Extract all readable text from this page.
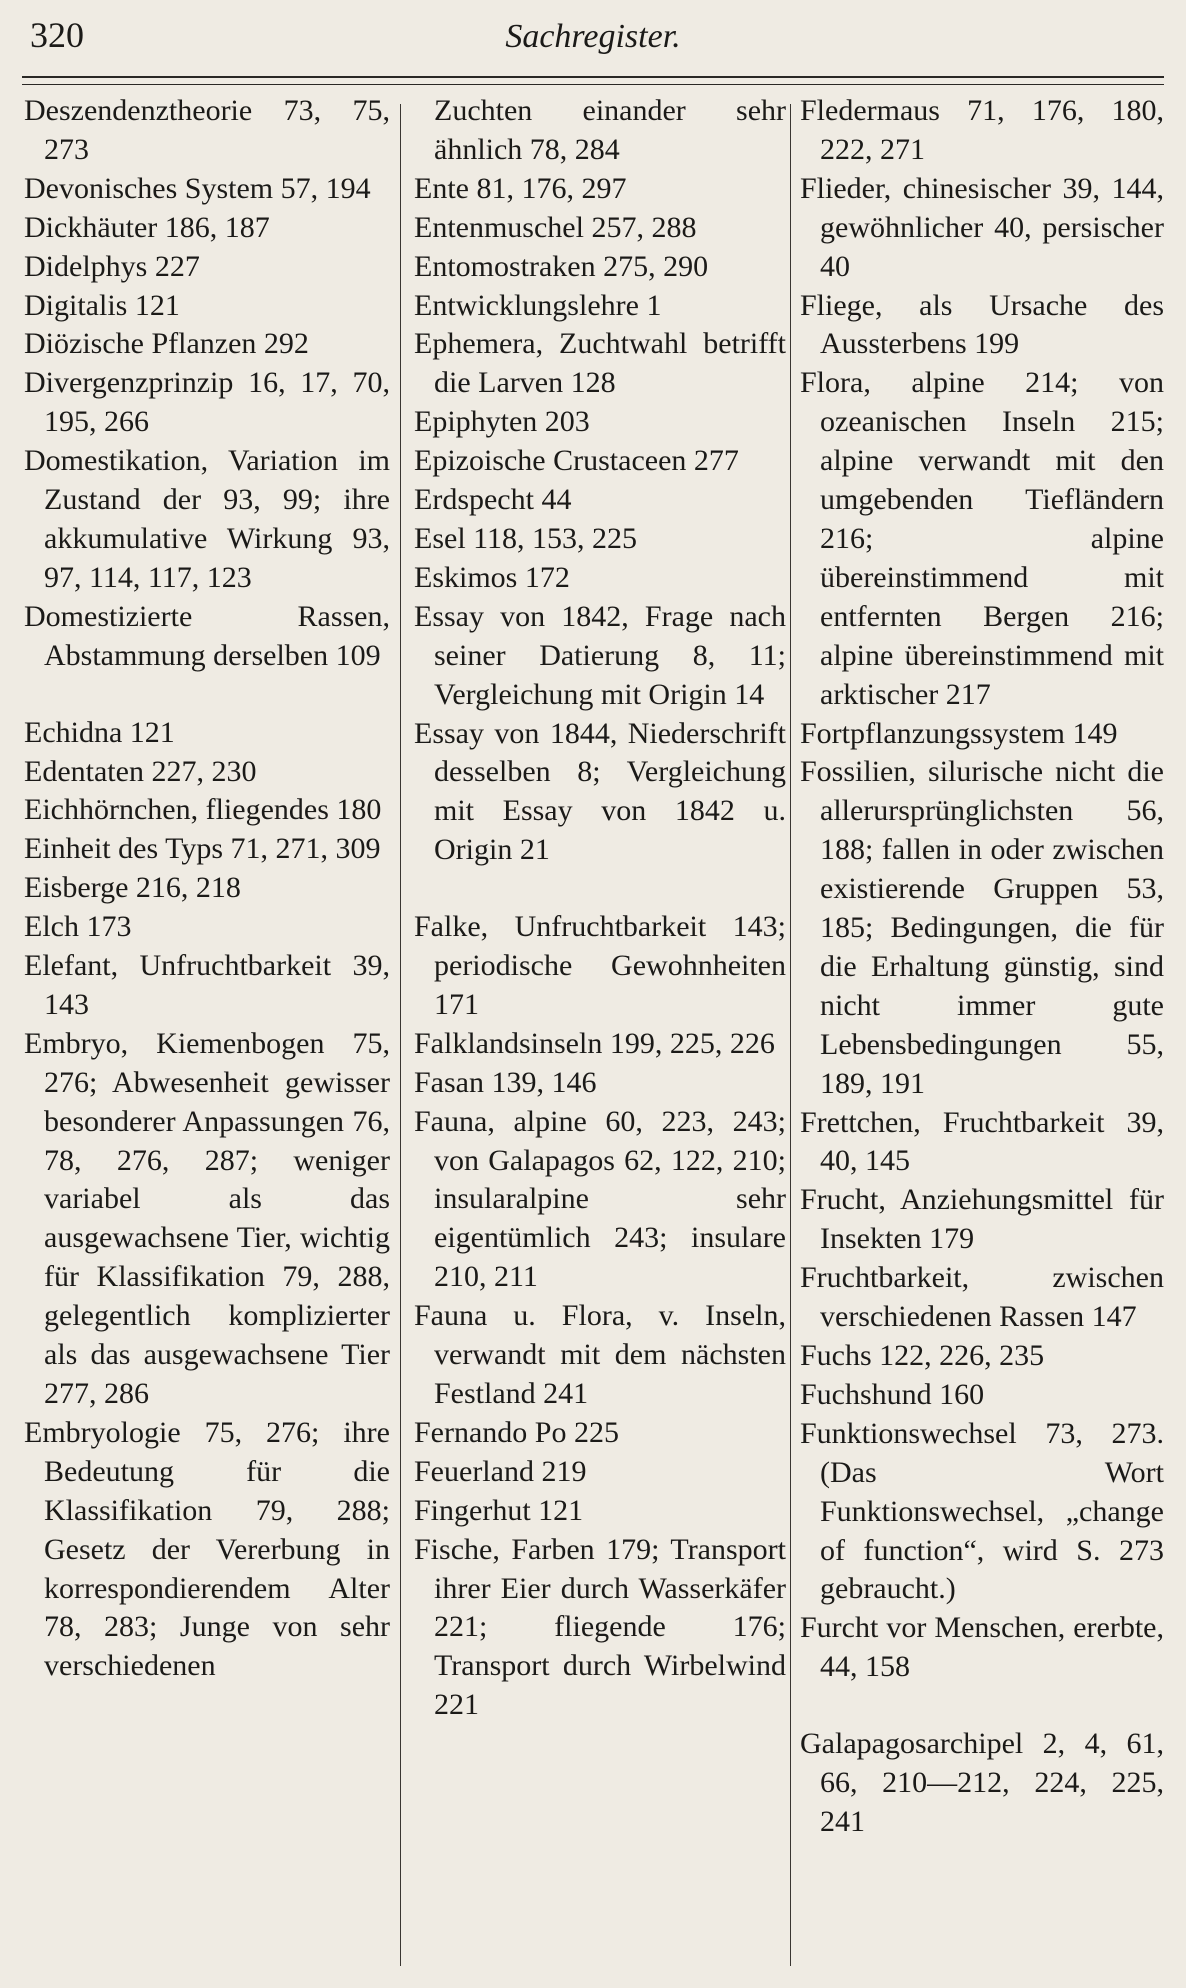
320	Sachregister.
Deszendenztheorie 73, 75, 273
Devonisches System 57, 194
Dickhäuter 186, 187
Didelphys 227
Digitalis 121
Diözische Pflanzen 292
Divergenzprinzip 16, 17, 70, 195, 266
Domestikation, Variation im Zustand der 93, 99; ihre akkumulative Wirkung 93, 97, 114, 117, 123
Domestizierte Rassen, Abstammung derselben 109
Echidna 121
Edentaten 227, 230
Eichhörnchen, fliegendes 180
Einheit des Typs 71, 271, 309
Eisberge 216, 218
Elch 173
Elefant, Unfruchtbarkeit 39, 143
Embryo, Kiemenbogen 75, 276; Abwesenheit gewisser besonderer Anpassungen 76, 78, 276, 287; weniger variabel als das ausgewachsene Tier, wichtig für Klassifikation 79, 288, gelegentlich komplizierter als das ausgewachsene Tier 277, 286
Embryologie 75, 276; ihre Bedeutung für die Klassifikation 79, 288; Gesetz der Vererbung in korrespondierendem Alter 78, 283; Junge von sehr verschiedenen
Zuchten einander sehr ähnlich 78, 284
Ente 81, 176, 297
Entenmuschel 257, 288
Entomostraken 275, 290
Entwicklungslehre 1
Ephemera, Zuchtwahl betrifft die Larven 128
Epiphyten 203
Epizoische Crustaceen 277
Erdspecht 44
Esel 118, 153, 225
Eskimos 172
Essay von 1842, Frage nach seiner Datierung 8, 11; Vergleichung mit Origin 14
Essay von 1844, Niederschrift desselben 8; Vergleichung mit Essay von 1842 u. Origin 21
Falke, Unfruchtbarkeit 143; periodische Gewohnheiten 171
Falklandsinseln 199, 225, 226
Fasan 139, 146
Fauna, alpine 60, 223, 243; von Galapagos 62, 122, 210; insularalpine sehr eigentümlich 243; insulare 210, 211
Fauna u. Flora, v. Inseln, verwandt mit dem nächsten Festland 241
Fernando Po 225
Feuerland 219
Fingerhut 121
Fische, Farben 179; Transport ihrer Eier durch Wasserkäfer 221; fliegende 176; Transport durch Wirbelwind 221
Fledermaus 71, 176, 180, 222, 271
Flieder, chinesischer 39, 144, gewöhnlicher 40, persischer 40
Fliege, als Ursache des Aussterbens 199
Flora, alpine 214; von ozeanischen Inseln 215; alpine verwandt mit den umgebenden Tiefländern 216; alpine übereinstimmend mit entfernten Bergen 216; alpine übereinstimmend mit arktischer 217
Fortpflanzungssystem 149
Fossilien, silurische nicht die allerursprünglichsten 56, 188; fallen in oder zwischen existierende Gruppen 53, 185; Bedingungen, die für die Erhaltung günstig, sind nicht immer gute Lebensbedingungen 55, 189, 191
Frettchen, Fruchtbarkeit 39, 40, 145
Frucht, Anziehungsmittel für Insekten 179
Fruchtbarkeit, zwischen verschiedenen Rassen 147
Fuchs 122, 226, 235
Fuchshund 160
Funktionswechsel 73, 273. (Das Wort Funktionswechsel, „change of function“, wird S. 273 gebraucht.)
Furcht vor Menschen, ererbte, 44, 158
Galapagosarchipel 2, 4, 61, 66, 210—212, 224, 225, 241
